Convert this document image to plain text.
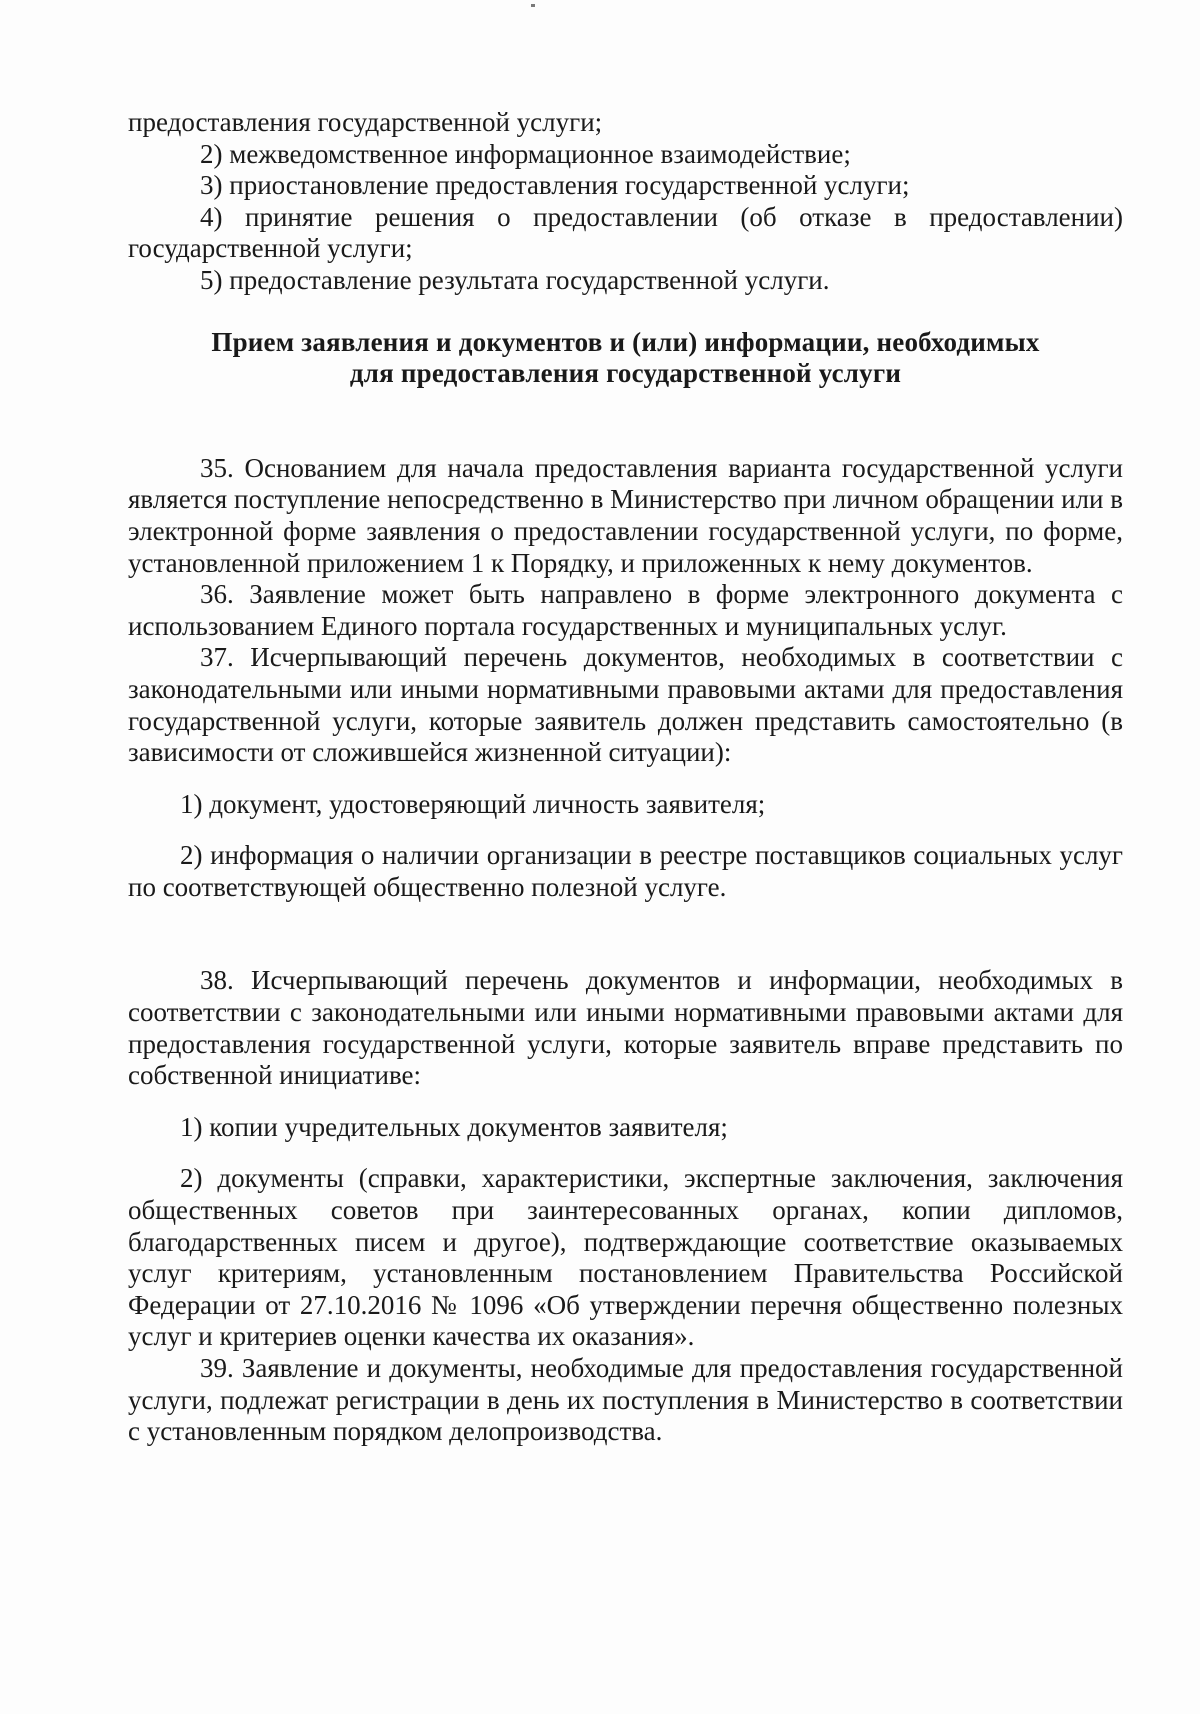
предоставления государственной услуги;

2) межведомственное информационное взаимодействие;

3) приостановление предоставления государственной услуги;

4) принятие решения о предоставлении (об отказе в предоставлении) государственной услуги;

5) предоставление результата государственной услуги.

Прием заявления и документов и (или) информации, необходимых
для предоставления государственной услуги

35. Основанием для начала предоставления варианта государственной услуги является поступление непосредственно в Министерство при личном обращении или в электронной форме заявления о предоставлении государственной услуги, по форме, установленной приложением 1 к Порядку, и приложенных к нему документов.

36. Заявление может быть направлено в форме электронного документа с использованием Единого портала государственных и муниципальных услуг.

37. Исчерпывающий перечень документов, необходимых в соответствии с законодательными или иными нормативными правовыми актами для предоставления государственной услуги, которые заявитель должен представить самостоятельно (в зависимости от сложившейся жизненной ситуации):

1) документ, удостоверяющий личность заявителя;

2) информация о наличии организации в реестре поставщиков социальных услуг по соответствующей общественно полезной услуге.

38. Исчерпывающий перечень документов и информации, необходимых в соответствии с законодательными или иными нормативными правовыми актами для предоставления государственной услуги, которые заявитель вправе представить по собственной инициативе:

1) копии учредительных документов заявителя;

2) документы (справки, характеристики, экспертные заключения, заключения общественных советов при заинтересованных органах, копии дипломов, благодарственных писем и другое), подтверждающие соответствие оказываемых услуг критериям, установленным постановлением Правительства Российской Федерации от 27.10.2016 № 1096 «Об утверждении перечня общественно полезных услуг и критериев оценки качества их оказания».

39. Заявление и документы, необходимые для предоставления государственной услуги, подлежат регистрации в день их поступления в Министерство в соответствии с установленным порядком делопроизводства.
